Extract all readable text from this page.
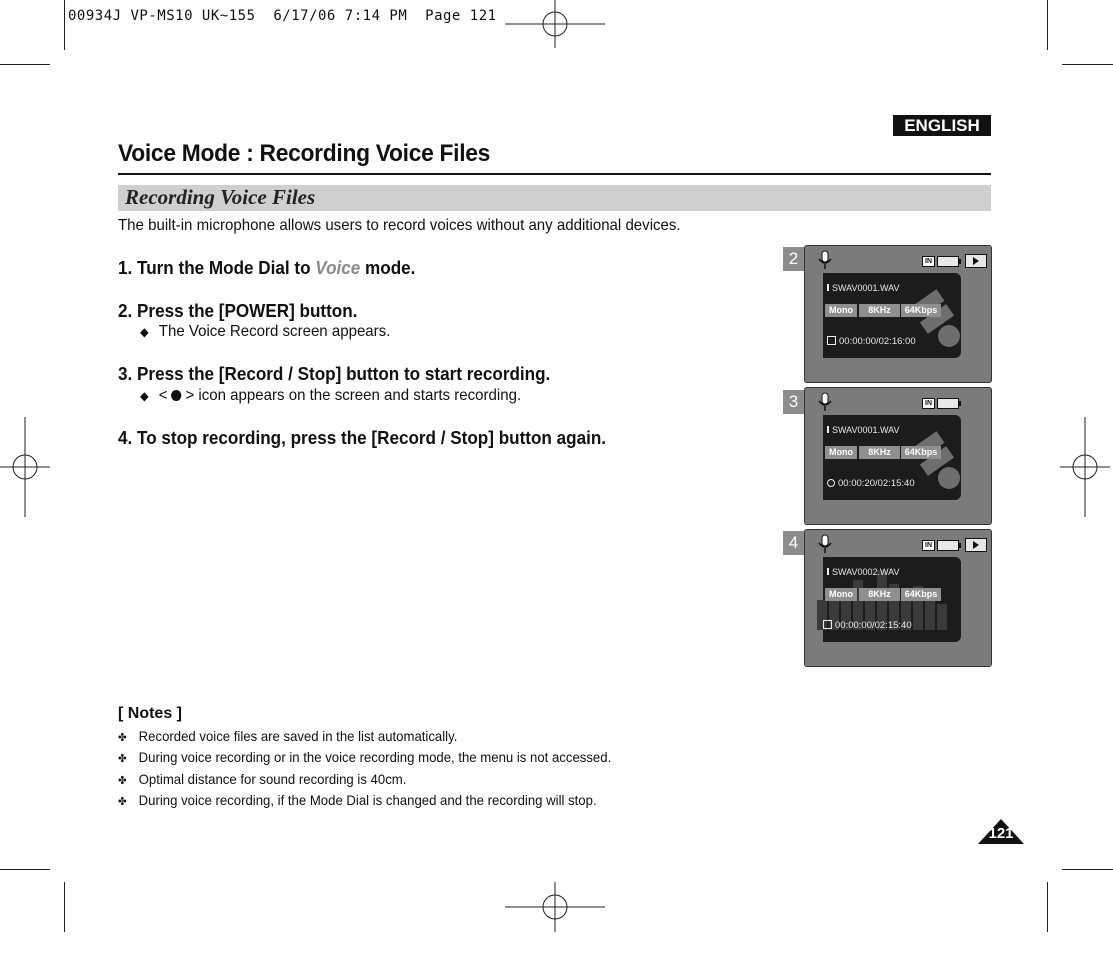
00934J VP-MS10 UK~155  6/17/06 7:14 PM  Page 121
ENGLISH
Voice Mode : Recording Voice Files
Recording Voice Files
The built-in microphone allows users to record voices without any additional devices.
1. Turn the Mode Dial to Voice mode.
2. Press the [POWER] button.
◆ The Voice Record screen appears.
3. Press the [Record / Stop] button to start recording.
◆ < > icon appears on the screen and starts recording.
4. To stop recording, press the [Record / Stop] button again.
2	IN
SWAV0001.WAV
Mono	8KHz	64Kbps
00:00:00/02:16:00
3	IN
SWAV0001.WAV
Mono	8KHz	64Kbps
00:00:20/02:15:40
4	IN
SWAV0002.WAV
Mono	8KHz	64Kbps
00:00:00/02:15:40
[ Notes ]
✤ Recorded voice files are saved in the list automatically.
✤ During voice recording or in the voice recording mode, the menu is not accessed.
✤ Optimal distance for sound recording is 40cm.
✤ During voice recording, if the Mode Dial is changed and the recording will stop.
121
